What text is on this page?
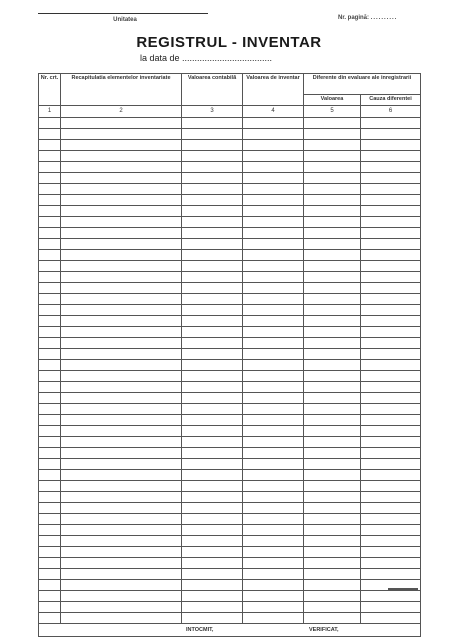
Unitatea	Nr. pagină: ..........
REGISTRUL - INVENTAR
la data de ....................................
Nr. crt.	Recapitulatia elementelor inventariate	Valoarea contabilă	Valoarea de inventar	Diferente din evaluare ale inregistrarii	
				Valoarea	Cauza diferentei
1	2	3	4	5	6

INTOCMIT, VERIFICAT,					
